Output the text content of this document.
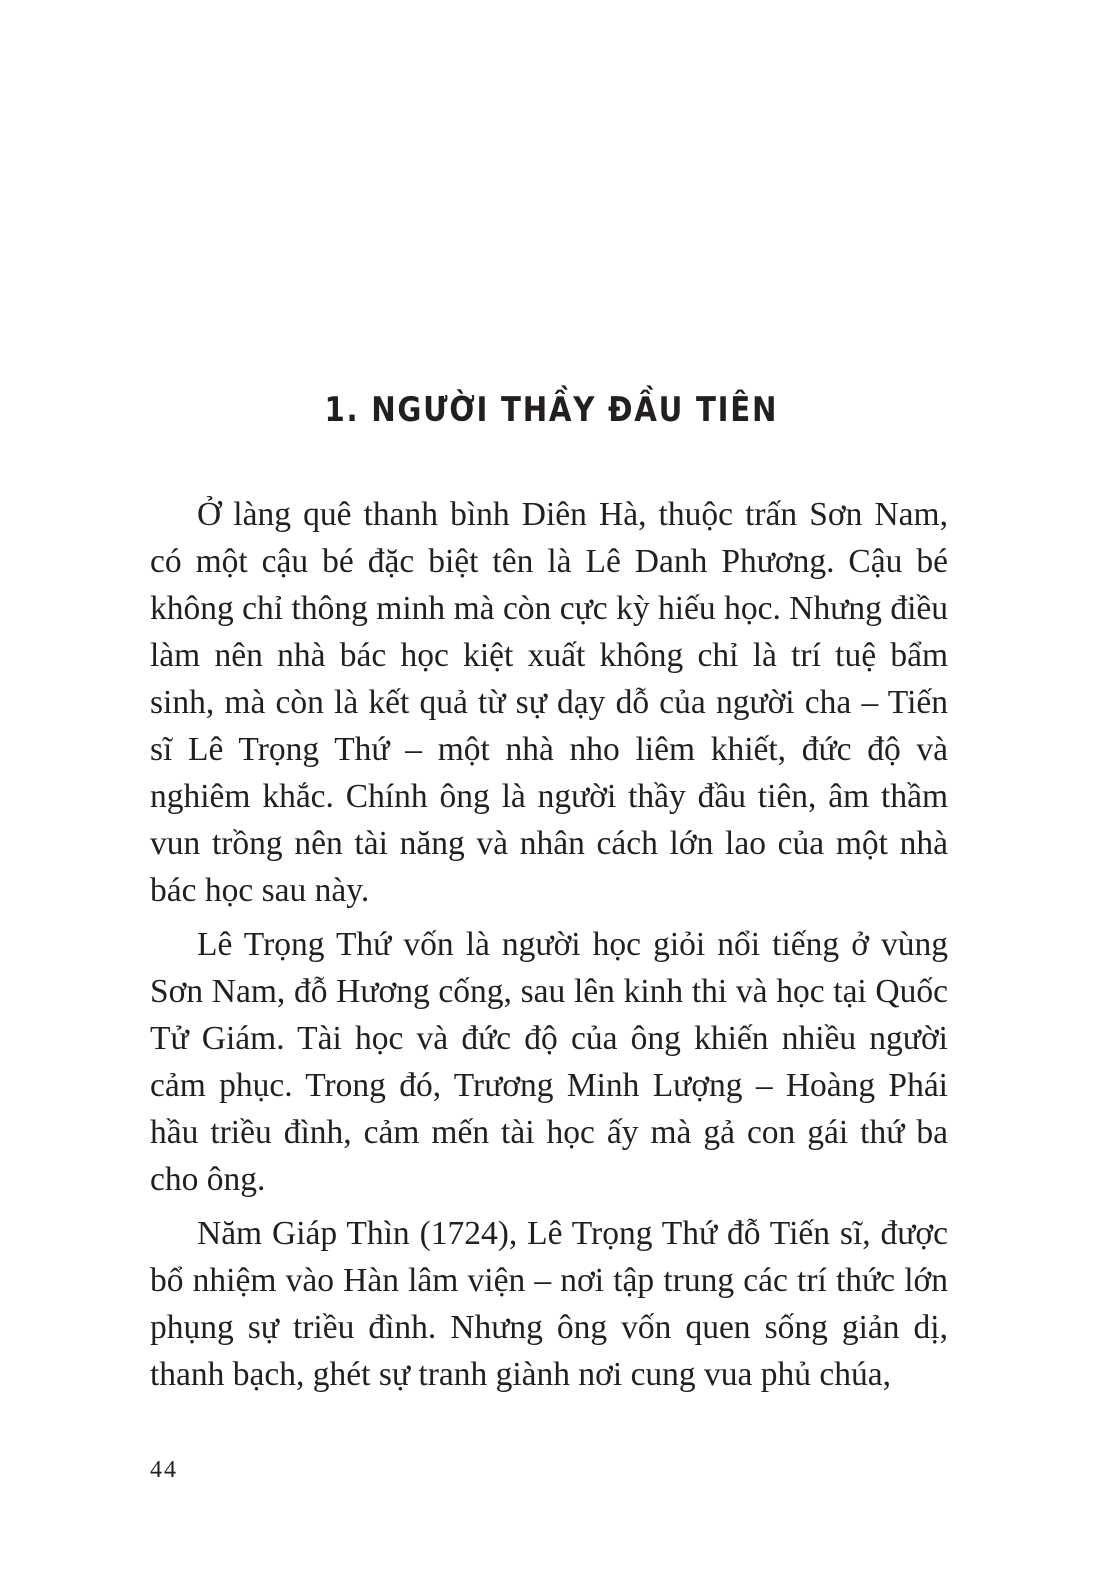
1. NGƯỜI THẦY ĐẦU TIÊN

Ở làng quê thanh bình Diên Hà, thuộc trấn Sơn Nam, có một cậu bé đặc biệt tên là Lê Danh Phương. Cậu bé không chỉ thông minh mà còn cực kỳ hiếu học. Nhưng điều làm nên nhà bác học kiệt xuất không chỉ là trí tuệ bẩm sinh, mà còn là kết quả từ sự dạy dỗ của người cha – Tiến sĩ Lê Trọng Thứ – một nhà nho liêm khiết, đức độ và nghiêm khắc. Chính ông là người thầy đầu tiên, âm thầm vun trồng nên tài năng và nhân cách lớn lao của một nhà bác học sau này.

Lê Trọng Thứ vốn là người học giỏi nổi tiếng ở vùng Sơn Nam, đỗ Hương cống, sau lên kinh thi và học tại Quốc Tử Giám. Tài học và đức độ của ông khiến nhiều người cảm phục. Trong đó, Trương Minh Lượng – Hoàng Phái hầu triều đình, cảm mến tài học ấy mà gả con gái thứ ba cho ông.

Năm Giáp Thìn (1724), Lê Trọng Thứ đỗ Tiến sĩ, được bổ nhiệm vào Hàn lâm viện – nơi tập trung các trí thức lớn phụng sự triều đình. Nhưng ông vốn quen sống giản dị, thanh bạch, ghét sự tranh giành nơi cung vua phủ chúa,

44
